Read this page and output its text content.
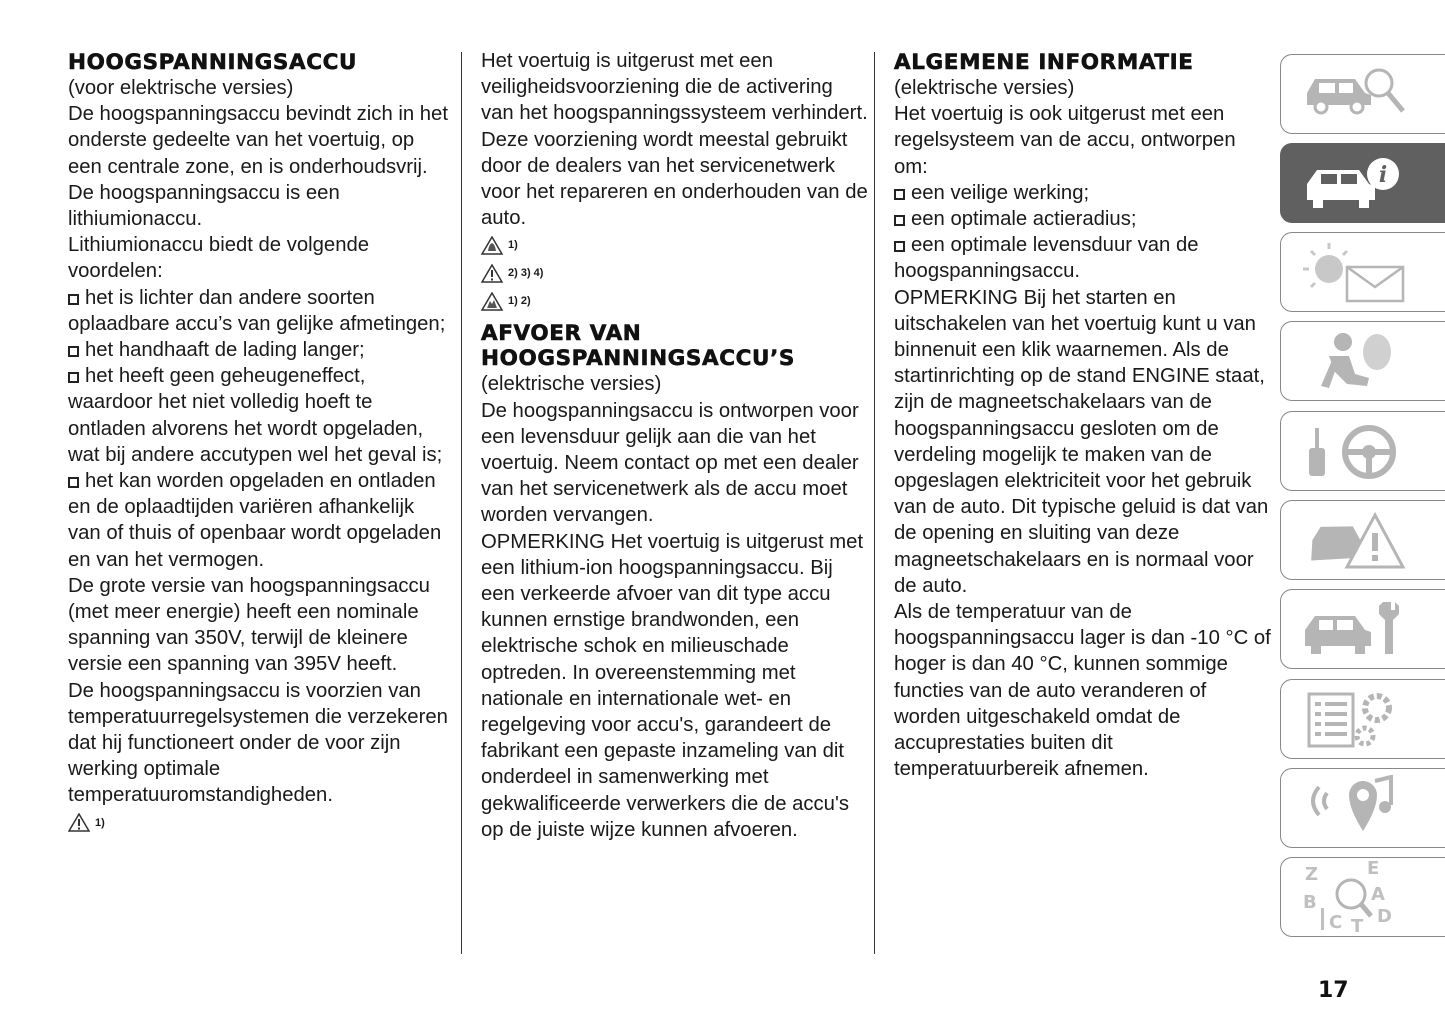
HOOGSPANNINGSACCU

(voor elektrische versies)

De hoogspanningsaccu bevindt zich in het onderste gedeelte van het voertuig, op een centrale zone, en is onderhoudsvrij.

De hoogspanningsaccu is een lithiumionaccu.

Lithiumionaccu biedt de volgende voordelen:

het is lichter dan andere soorten oplaadbare accu’s van gelijke afmetingen;

het handhaaft de lading langer;

het heeft geen geheugeneffect, waardoor het niet volledig hoeft te ontladen alvorens het wordt opgeladen, wat bij andere accutypen wel het geval is;

het kan worden opgeladen en ontladen en de oplaadtijden variëren afhankelijk van of thuis of openbaar wordt opgeladen en van het vermogen.

De grote versie van hoogspanningsaccu (met meer energie) heeft een nominale spanning van 350V, terwijl de kleinere versie een spanning van 395V heeft.

De hoogspanningsaccu is voorzien van temperatuurregelsystemen die verzekeren dat hij functioneert onder de voor zijn werking optimale temperatuuromstandigheden.

1)

Het voertuig is uitgerust met een veiligheidsvoorziening die de activering van het hoogspanningssysteem verhindert. Deze voorziening wordt meestal gebruikt door de dealers van het servicenetwerk voor het repareren en onderhouden van de auto.

1)
2) 3) 4)
1) 2)
AFVOER VAN
HOOGSPANNINGSACCU’S

(elektrische versies)

De hoogspanningsaccu is ontworpen voor een levensduur gelijk aan die van het voertuig. Neem contact op met een dealer van het servicenetwerk als de accu moet worden vervangen.

OPMERKING Het voertuig is uitgerust met een lithium-ion hoogspanningsaccu. Bij een verkeerde afvoer van dit type accu kunnen ernstige brandwonden, een elektrische schok en milieuschade optreden. In overeenstemming met nationale en internationale wet- en regelgeving voor accu's, garandeert de fabrikant een gepaste inzameling van dit onderdeel in samenwerking met gekwalificeerde verwerkers die de accu's op de juiste wijze kunnen afvoeren.

ALGEMENE INFORMATIE

(elektrische versies)

Het voertuig is ook uitgerust met een regelsysteem van de accu, ontworpen om:

een veilige werking;

een optimale actieradius;

een optimale levensduur van de hoogspanningsaccu.

OPMERKING Bij het starten en uitschakelen van het voertuig kunt u van binnenuit een klik waarnemen. Als de startinrichting op de stand ENGINE staat, zijn de magneetschakelaars van de hoogspanningsaccu gesloten om de verdeling mogelijk te maken van de opgeslagen elektriciteit voor het gebruik van de auto. Dit typische geluid is dat van de opening en sluiting van deze magneetschakelaars en is normaal voor de auto.

Als de temperatuur van de hoogspanningsaccu lager is dan -10 °C of hoger is dan 40 °C, kunnen sommige functies van de auto veranderen of worden uitgeschakeld omdat de accuprestaties buiten dit temperatuurbereik afnemen.

i
Z	E
B	A
C D
T
17
